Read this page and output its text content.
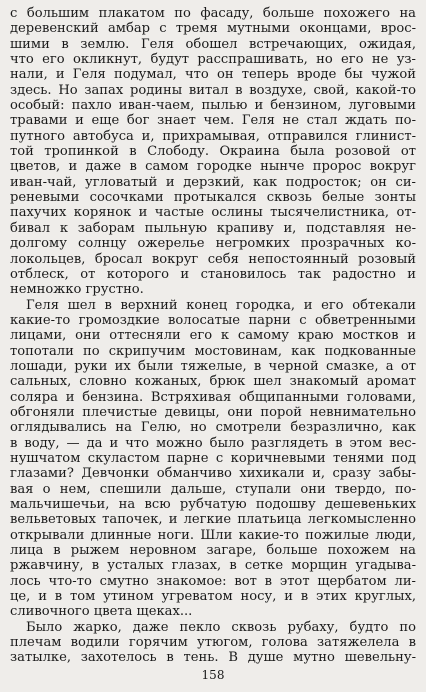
с большим плакатом по фасаду, больше похожего на
деревенский амбар с тремя мутными оконцами, врос-
шими в землю. Геля обошел встречающих, ожидая,
что его окликнут, будут расспрашивать, но его не уз-
нали, и Геля подумал, что он теперь вроде бы чужой
здесь. Но запах родины витал в воздухе, свой, какой-то
особый: пахло иван-чаем, пылью и бензином, луговыми
травами и еще бог знает чем. Геля не стал ждать по-
путного автобуса и, прихрамывая, отправился глинист-
той тропинкой в Слободу. Окраина была розовой от
цветов, и даже в самом городке нынче пророс вокруг
иван-чай, угловатый и дерзкий, как подросток; он си-
реневыми сосочками протыкался сквозь белые зонты
пахучих корянок и частые ослины тысячелистника, от-
бивал к заборам пыльную крапиву и, подставляя не-
долгому солнцу ожерелье негромких прозрачных ко-
локольцев, бросал вокруг себя непостоянный розовый
отблеск, от которого и становилось так радостно и
немножко грустно.
Геля шел в верхний конец городка, и его обтекали
какие-то громоздкие волосатые парни с обветренными
лицами, они оттесняли его к самому краю мостков и
топотали по скрипучим мостовинам, как подкованные
лошади, руки их были тяжелые, в черной смазке, а от
сальных, словно кожаных, брюк шел знакомый аромат
соляра и бензина. Встряхивая общипанными головами,
обгоняли плечистые девицы, они порой невнимательно
оглядывались на Гелю, но смотрели безразлично, как
в воду, — да и что можно было разглядеть в этом вес-
нушчатом скуластом парне с коричневыми тенями под
глазами? Девчонки обманчиво хихикали и, сразу забы-
вая о нем, спешили дальше, ступали они твердо, по-
мальчишечьи, на всю рубчатую подошву дешевеньких
вельветовых тапочек, и легкие платьица легкомысленно
открывали длинные ноги. Шли какие-то пожилые люди,
лица в рыжем неровном загаре, больше похожем на
ржавчину, в усталых глазах, в сетке морщин угадыва-
лось что-то смутно знакомое: вот в этот щербатом ли-
це, и в том утином угреватом носу, и в этих круглых,
сливочного цвета щеках...
Было жарко, даже пекло сквозь рубаху, будто по
плечам водили горячим утюгом, голова затяжелела в
затылке, захотелось в тень. В душе мутно шевельну-
158
